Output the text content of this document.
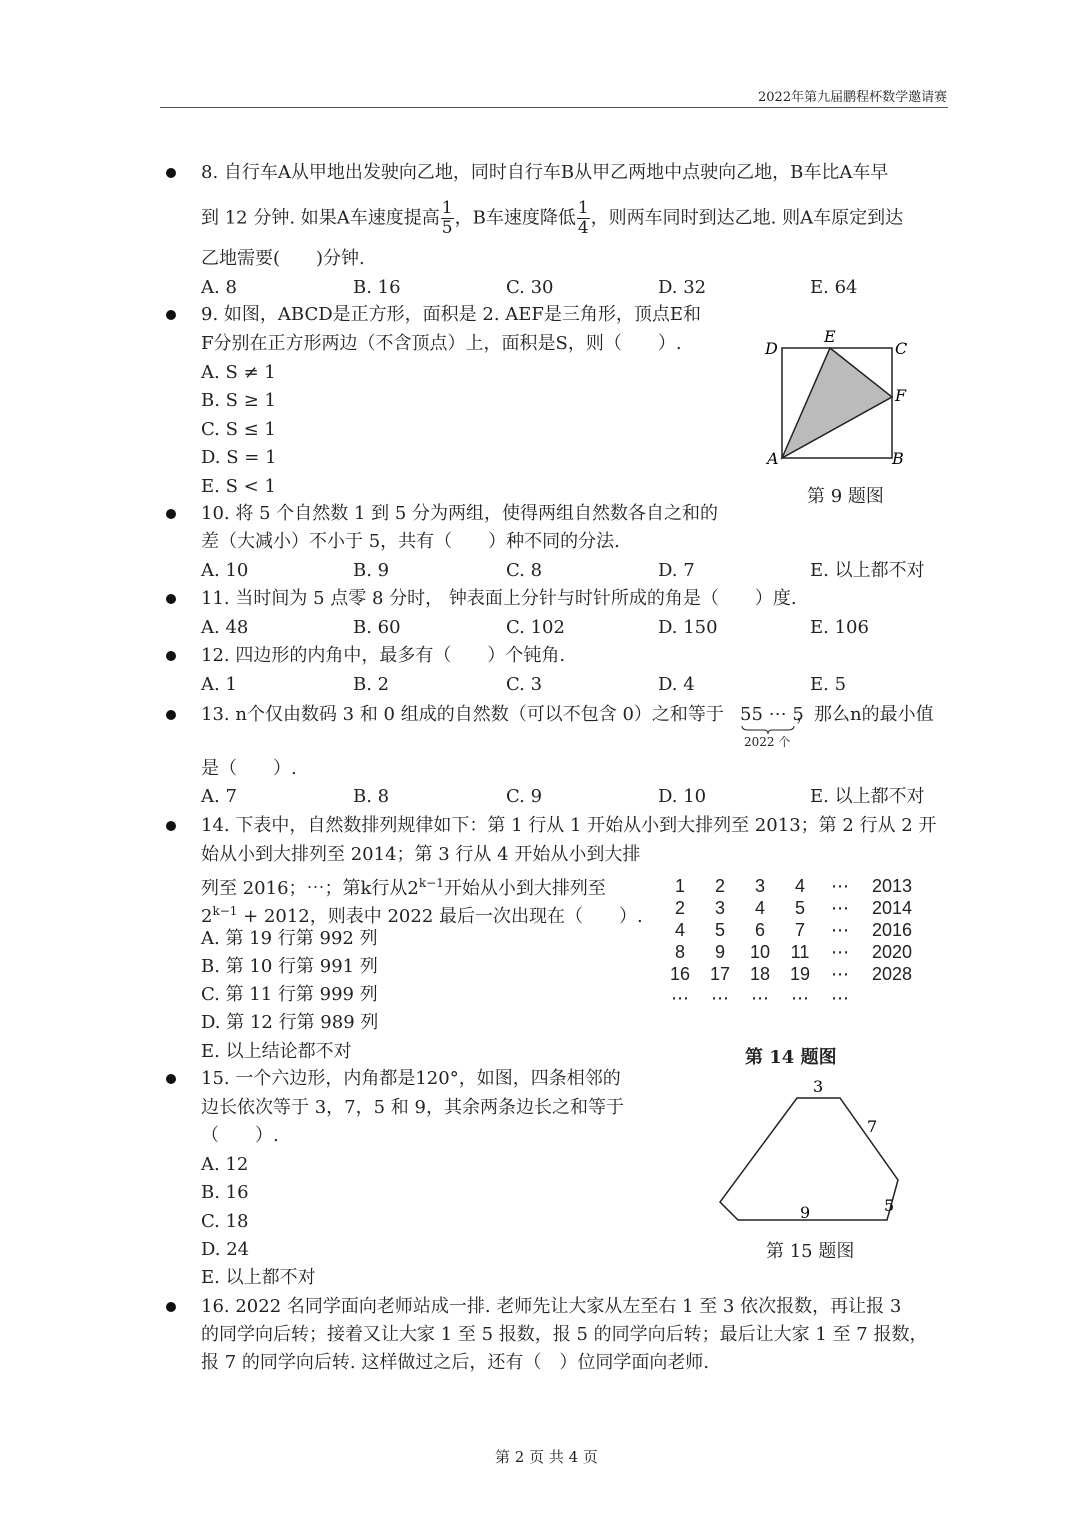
2022年第九届鹏程杯数学邀请赛
8. 自行车A从甲地出发驶向乙地，同时自行车B从甲乙两地中点驶向乙地，B车比A车早
到 12 分钟. 如果A车速度提高 $\frac{1}{5}$ ，B车速度降低 $\frac{1}{4}$ ，则两车同时到达乙地. 则A车原定到达
乙地需要(　　)分钟.
A. 8	B. 16	C. 30	D. 32	E. 64
9. 如图，ABCD是正方形，面积是 2. AEF是三角形，顶点E和
F分别在正方形两边（不含顶点）上，面积是S，则（　　）.
A. S ≠ 1
B. S ≥ 1
C. S ≤ 1
D. S = 1
E. S < 1
D
E
C
F
A	B
第 9 题图
10. 将 5 个自然数 1 到 5 分为两组，使得两组自然数各自之和的
差（大减小）不小于 5，共有（　　）种不同的分法.
A. 10	B. 9	C. 8	D. 7	E. 以上都不对
11. 当时间为 5 点零 8 分时， 钟表面上分针与时针所成的角是（　　）度.
A. 48	B. 60	C. 102	D. 150	E. 106
12. 四边形的内角中，最多有（　　）个钝角.
A. 1	B. 2	C. 3	D. 4	E. 5
13. n个仅由数码 3 和 0 组成的自然数（可以不包含 0）之和等于 55 ⋯ 5
2022 个
，那么n的最小值
是（　　）.
A. 7	B. 8	C. 9	D. 10	E. 以上都不对
14. 下表中，自然数排列规律如下：第 1 行从 1 开始从小到大排列至 2013；第 2 行从 2 开
始从小到大排列至 2014；第 3 行从 4 开始从小到大排
列至 2016；⋯；第k行从$2^{k-1}$开始从小到大排列至
$2^{k-1} + 2012$，则表中 2022 最后一次出现在（　　）.
A. 第 19 行第 992 列
B. 第 10 行第 991 列
C. 第 11 行第 999 列
D. 第 12 行第 989 列
E. 以上结论都不对
1	2	3	4	⋯	2013
2	3	4	5	⋯	2014
4	5	6	7	⋯	2016
8	9	10	11	⋯	2020
16	17	18	19	⋯	2028
⋯	⋯	⋯	⋯	⋯
第 14 题图
15. 一个六边形，内角都是120°，如图，四条相邻的
边长依次等于 3，7，5 和 9，其余两条边长之和等于
（　　）.
A. 12
B. 16
C. 18
D. 24
E. 以上都不对
3
7
5
9
第 15 题图
16. 2022 名同学面向老师站成一排. 老师先让大家从左至右 1 至 3 依次报数，再让报 3
的同学向后转；接着又让大家 1 至 5 报数，报 5 的同学向后转；最后让大家 1 至 7 报数，
报 7 的同学向后转. 这样做过之后，还有（　）位同学面向老师.
第 2 页 共 4 页
